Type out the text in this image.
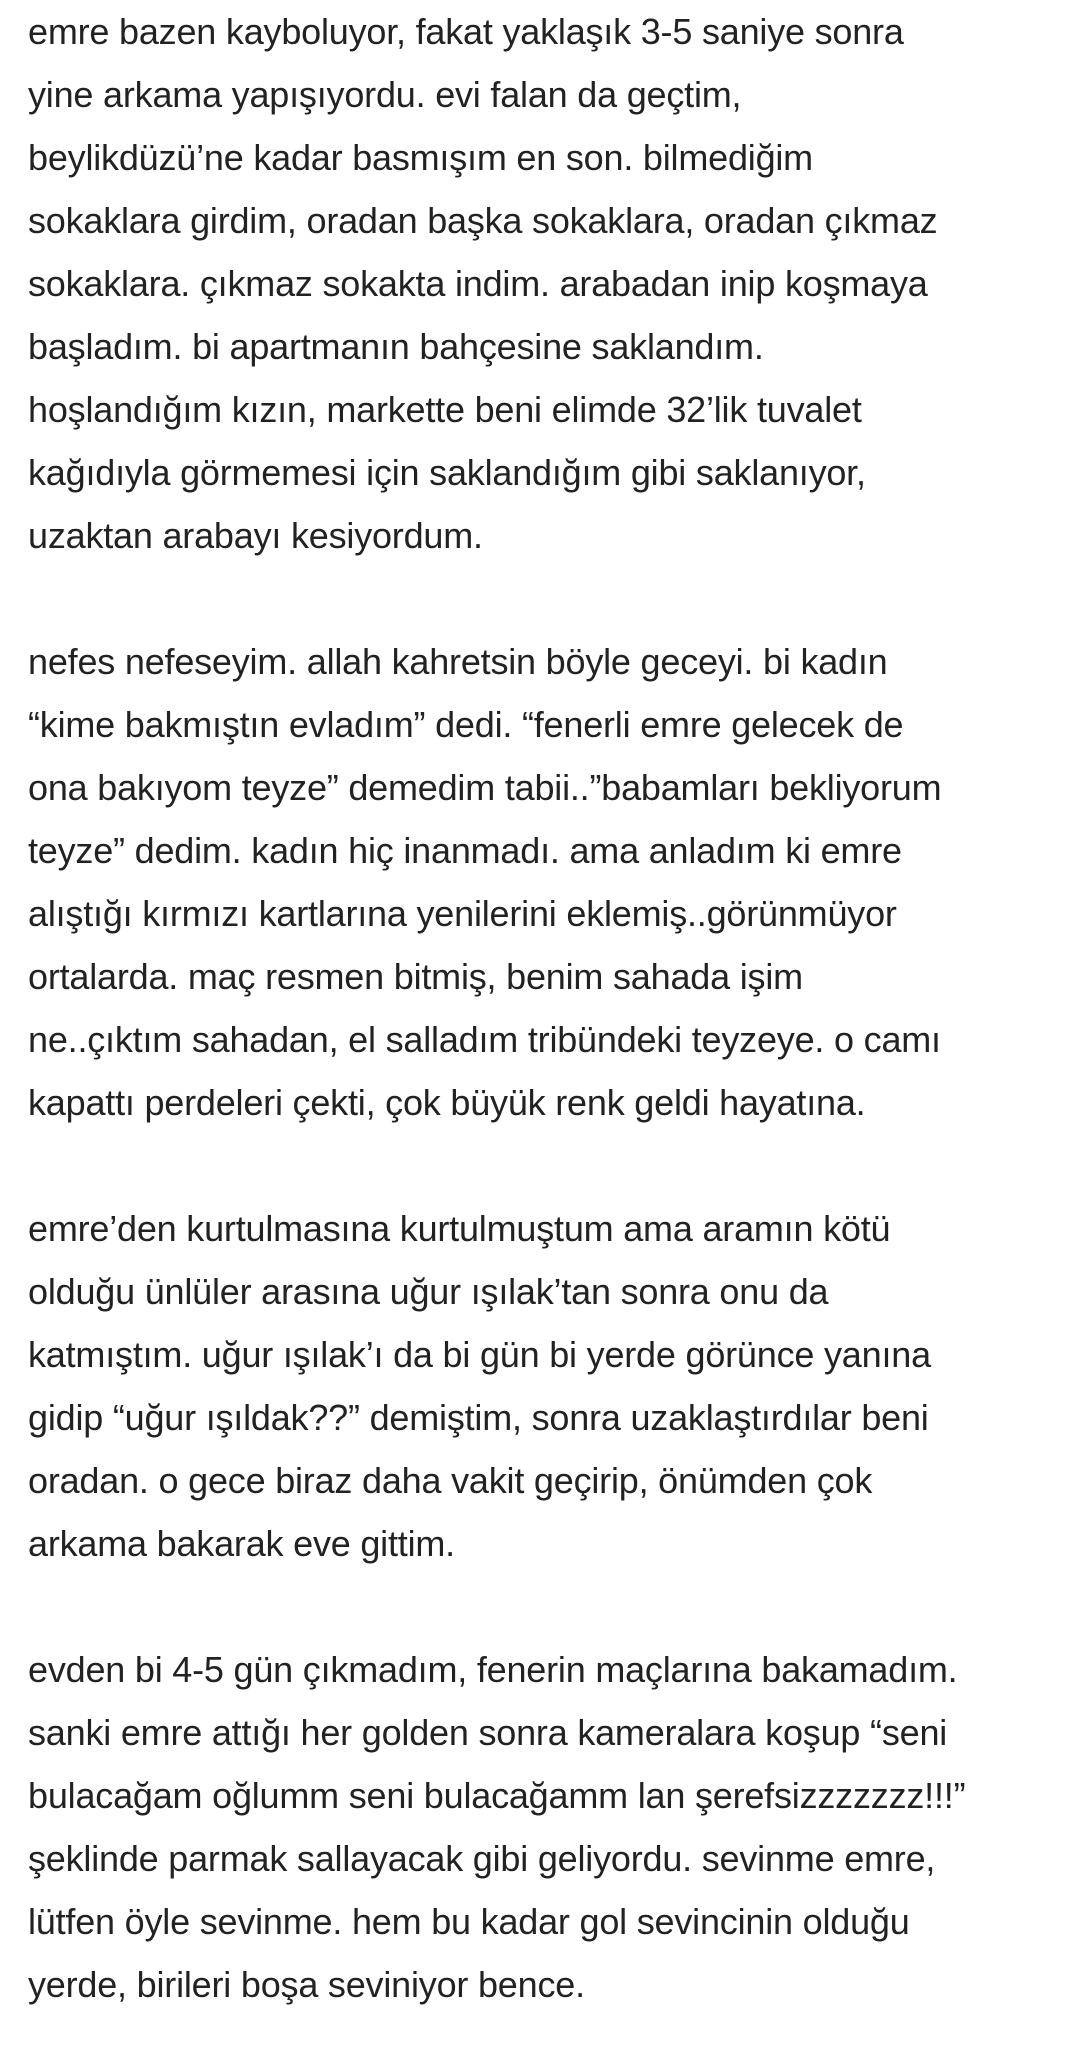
emre bazen kayboluyor, fakat yaklaşık 3-5 saniye sonra
yine arkama yapışıyordu. evi falan da geçtim,
beylikdüzü’ne kadar basmışım en son. bilmediğim
sokaklara girdim, oradan başka sokaklara, oradan çıkmaz
sokaklara. çıkmaz sokakta indim. arabadan inip koşmaya
başladım. bi apartmanın bahçesine saklandım.
hoşlandığım kızın, markette beni elimde 32’lik tuvalet
kağıdıyla görmemesi için saklandığım gibi saklanıyor,
uzaktan arabayı kesiyordum.

nefes nefeseyim. allah kahretsin böyle geceyi. bi kadın
“kime bakmıştın evladım” dedi. “fenerli emre gelecek de
ona bakıyom teyze” demedim tabii..”babamları bekliyorum
teyze” dedim. kadın hiç inanmadı. ama anladım ki emre
alıştığı kırmızı kartlarına yenilerini eklemiş..görünmüyor
ortalarda. maç resmen bitmiş, benim sahada işim
ne..çıktım sahadan, el salladım tribündeki teyzeye. o camı
kapattı perdeleri çekti, çok büyük renk geldi hayatına.

emre’den kurtulmasına kurtulmuştum ama aramın kötü
olduğu ünlüler arasına uğur ışılak’tan sonra onu da
katmıştım. uğur ışılak’ı da bi gün bi yerde görünce yanına
gidip “uğur ışıldak??” demiştim, sonra uzaklaştırdılar beni
oradan. o gece biraz daha vakit geçirip, önümden çok
arkama bakarak eve gittim.

evden bi 4-5 gün çıkmadım, fenerin maçlarına bakamadım.
sanki emre attığı her golden sonra kameralara koşup “seni
bulacağam oğlumm seni bulacağamm lan şerefsizzzzzzz!!!”
şeklinde parmak sallayacak gibi geliyordu. sevinme emre,
lütfen öyle sevinme. hem bu kadar gol sevincinin olduğu
yerde, birileri boşa seviniyor bence.
